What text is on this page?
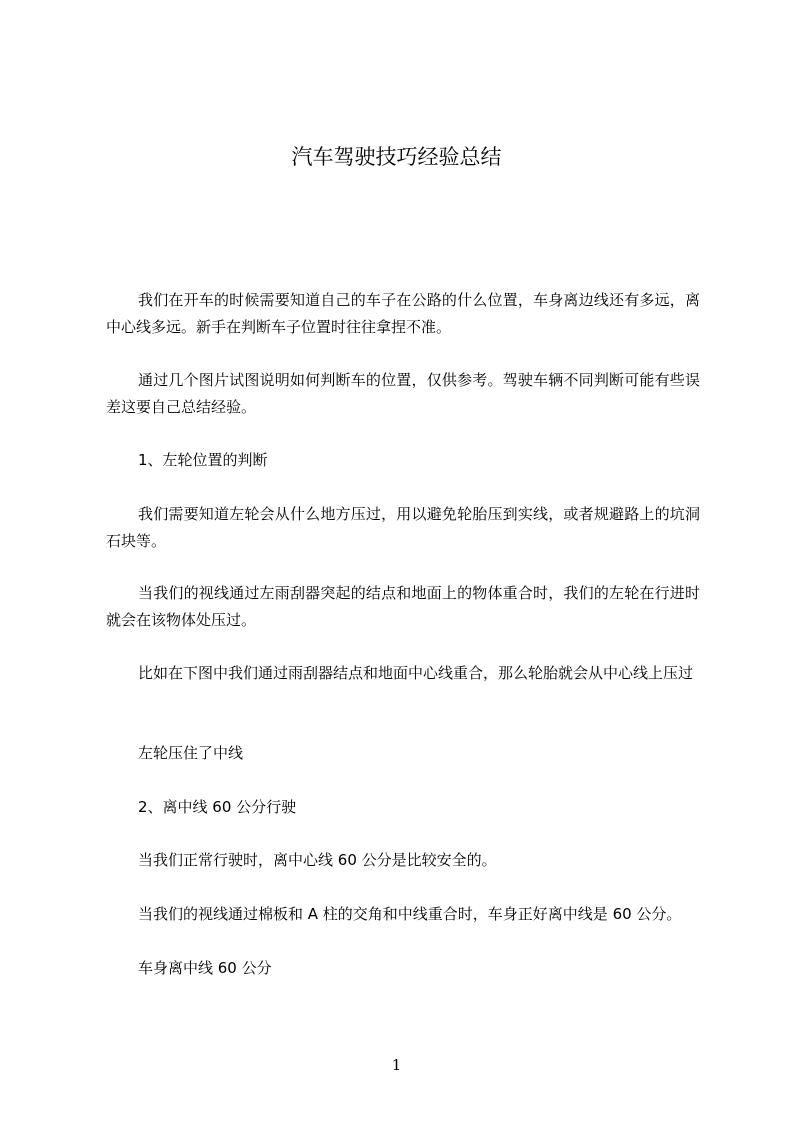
汽车驾驶技巧经验总结

我们在开车的时候需要知道自己的车子在公路的什么位置，车身离边线还有多远，离中心线多远。新手在判断车子位置时往往拿捏不准。

通过几个图片试图说明如何判断车的位置，仅供参考。驾驶车辆不同判断可能有些误差这要自己总结经验。

1、左轮位置的判断

我们需要知道左轮会从什么地方压过，用以避免轮胎压到实线，或者规避路上的坑洞石块等。

当我们的视线通过左雨刮器突起的结点和地面上的物体重合时，我们的左轮在行进时就会在该物体处压过。

比如在下图中我们通过雨刮器结点和地面中心线重合，那么轮胎就会从中心线上压过

左轮压住了中线

2、离中线 60 公分行驶

当我们正常行驶时，离中心线 60 公分是比较安全的。

当我们的视线通过棉板和 A 柱的交角和中线重合时，车身正好离中线是 60 公分。

车身离中线 60 公分

1
